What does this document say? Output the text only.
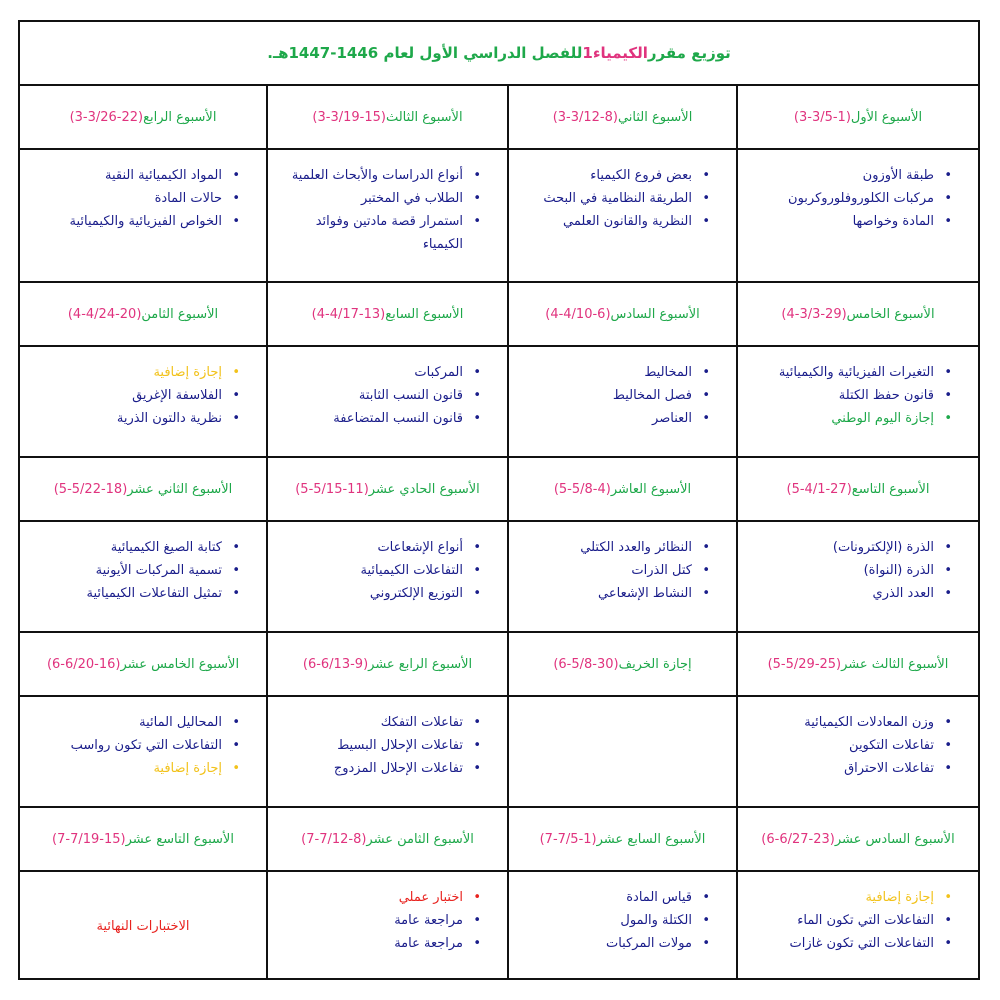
توزيع مقرر
الكيمياء1
للفصل الدراسي الأول لعام 1446-1447هـ.
الأسبوع الأول
(3-3/5-1)
الأسبوع الثاني
(3-3/12-8)
الأسبوع الثالث
(3-3/19-15)
الأسبوع الرابع
(3-3/26-22)
• طبقة الأوزون
• مركبات الكلوروفلوروكربون
• المادة وخواصها
• بعض فروع الكيمياء
• الطريقة النظامية في البحث
• النظرية والقانون العلمي
• أنواع الدراسات والأبحاث العلمية
• الطلاب في المختبر
• استمرار قصة مادتين وفوائد الكيمياء
• المواد الكيميائية النقية
• حالات المادة
• الخواص الفيزيائية والكيميائية
الأسبوع الخامس
(4-3/3-29)
الأسبوع السادس
(4-4/10-6)
الأسبوع السابع
(4-4/17-13)
الأسبوع الثامن
(4-4/24-20)
• التغيرات الفيزيائية والكيميائية
• قانون حفظ الكتلة
• إجازة اليوم الوطني
• المخاليط
• فصل المخاليط
• العناصر
• المركبات
• قانون النسب الثابتة
• قانون النسب المتضاعفة
• إجازة إضافية
• الفلاسفة الإغريق
• نظرية دالتون الذرية
الأسبوع التاسع
(5-4/1-27)
الأسبوع العاشر
(5-5/8-4)
الأسبوع الحادي عشر
(5-5/15-11)
الأسبوع الثاني عشر
(5-5/22-18)
• الذرة (الإلكترونات)
• الذرة (النواة)
• العدد الذري
• النظائر والعدد الكتلي
• كتل الذرات
• النشاط الإشعاعي
• أنواع الإشعاعات
• التفاعلات الكيميائية
• التوزيع الإلكتروني
• كتابة الصيغ الكيميائية
• تسمية المركبات الأيونية
• تمثيل التفاعلات الكيميائية
الأسبوع الثالث عشر
(5-5/29-25)
إجازة الخريف
(6-5/8-30)
الأسبوع الرابع عشر
(6-6/13-9)
الأسبوع الخامس عشر
(6-6/20-16)
• وزن المعادلات الكيميائية
• تفاعلات التكوين
• تفاعلات الاحتراق
• تفاعلات التفكك
• تفاعلات الإحلال البسيط
• تفاعلات الإحلال المزدوج
• المحاليل المائية
• التفاعلات التي تكون رواسب
• إجازة إضافية
الأسبوع السادس عشر
(6-6/27-23)
الأسبوع السابع عشر
(7-7/5-1)
الأسبوع الثامن عشر
(7-7/12-8)
الأسبوع التاسع عشر
(7-7/19-15)
• إجازة إضافية
• التفاعلات التي تكون الماء
• التفاعلات التي تكون غازات
• قياس المادة
• الكتلة والمول
• مولات المركبات
• اختبار عملي
• مراجعة عامة
• مراجعة عامة
الاختبارات النهائية
